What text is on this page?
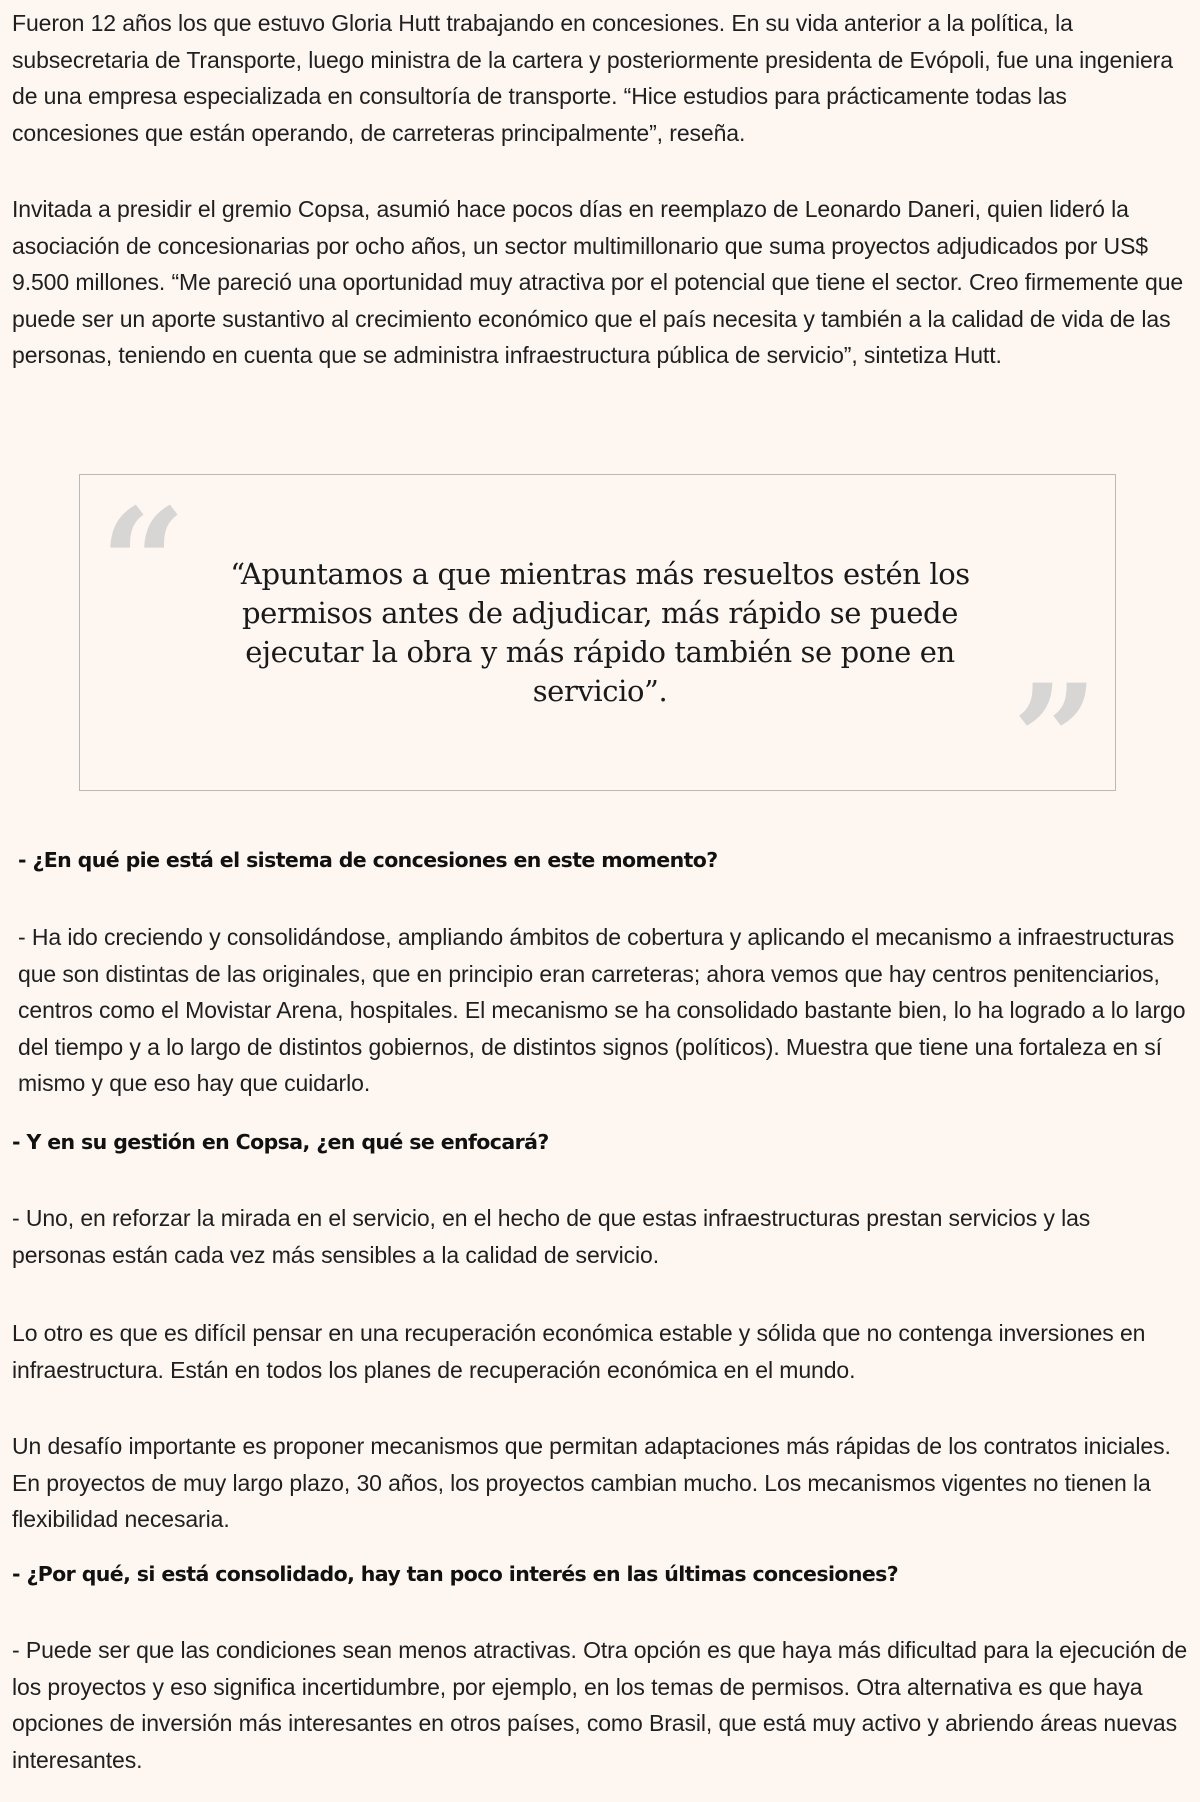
Fueron 12 años los que estuvo Gloria Hutt trabajando en concesiones. En su vida anterior a la política, la subsecretaria de Transporte, luego ministra de la cartera y posteriormente presidenta de Evópoli, fue una ingeniera de una empresa especializada en consultoría de transporte. “Hice estudios para prácticamente todas las concesiones que están operando, de carreteras principalmente”, reseña.

Invitada a presidir el gremio Copsa, asumió hace pocos días en reemplazo de Leonardo Daneri, quien lideró la asociación de concesionarias por ocho años, un sector multimillonario que suma proyectos adjudicados por US$ 9.500 millones. “Me pareció una oportunidad muy atractiva por el potencial que tiene el sector. Creo firmemente que puede ser un aporte sustantivo al crecimiento económico que el país necesita y también a la calidad de vida de las personas, teniendo en cuenta que se administra infraestructura pública de servicio”, sintetiza Hutt.

“ “Apuntamos a que mientras más resueltos estén los permisos antes de adjudicar, más rápido se puede ejecutar la obra y más rápido también se pone en servicio”.	”

- ¿En qué pie está el sistema de concesiones en este momento?

- Ha ido creciendo y consolidándose, ampliando ámbitos de cobertura y aplicando el mecanismo a infraestructuras que son distintas de las originales, que en principio eran carreteras; ahora vemos que hay centros penitenciarios, centros como el Movistar Arena, hospitales. El mecanismo se ha consolidado bastante bien, lo ha logrado a lo largo del tiempo y a lo largo de distintos gobiernos, de distintos signos (políticos). Muestra que tiene una fortaleza en sí mismo y que eso hay que cuidarlo.

- Y en su gestión en Copsa, ¿en qué se enfocará?

- Uno, en reforzar la mirada en el servicio, en el hecho de que estas infraestructuras prestan servicios y las personas están cada vez más sensibles a la calidad de servicio.

Lo otro es que es difícil pensar en una recuperación económica estable y sólida que no contenga inversiones en infraestructura. Están en todos los planes de recuperación económica en el mundo.

Un desafío importante es proponer mecanismos que permitan adaptaciones más rápidas de los contratos iniciales. En proyectos de muy largo plazo, 30 años, los proyectos cambian mucho. Los mecanismos vigentes no tienen la flexibilidad necesaria.

- ¿Por qué, si está consolidado, hay tan poco interés en las últimas concesiones?

- Puede ser que las condiciones sean menos atractivas. Otra opción es que haya más dificultad para la ejecución de los proyectos y eso significa incertidumbre, por ejemplo, en los temas de permisos. Otra alternativa es que haya opciones de inversión más interesantes en otros países, como Brasil, que está muy activo y abriendo áreas nuevas interesantes.
